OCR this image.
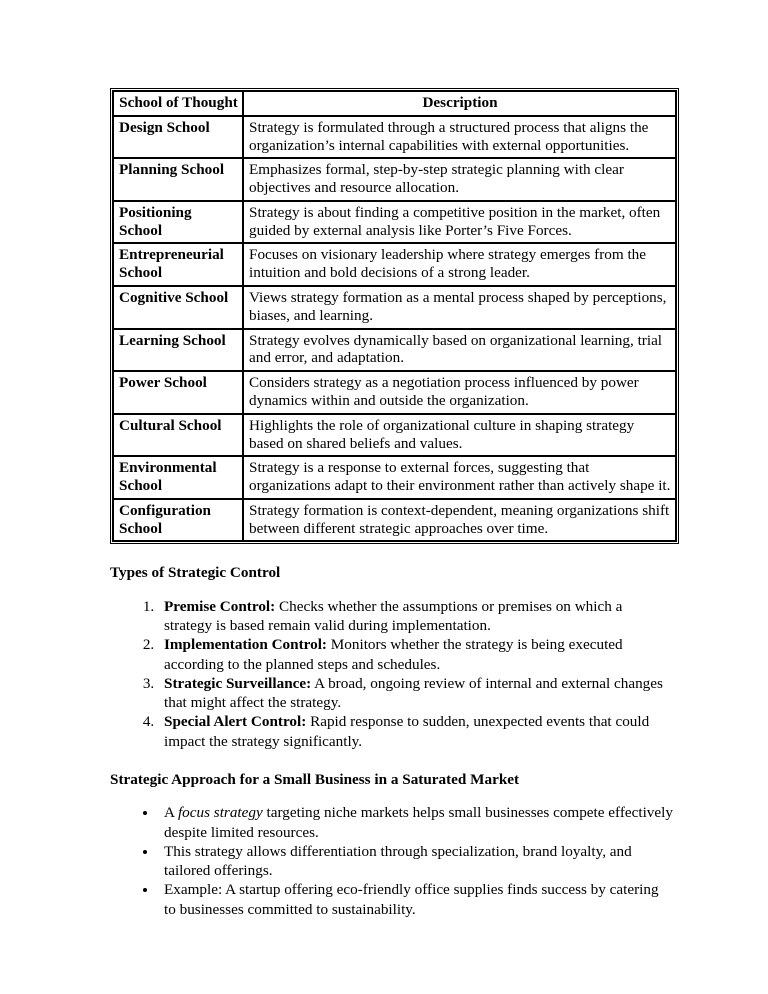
School of Thought	Description
Design School	Strategy is formulated through a structured process that aligns the organization’s internal capabilities with external opportunities.
Planning School	Emphasizes formal, step-by-step strategic planning with clear objectives and resource allocation.
Positioning School	Strategy is about finding a competitive position in the market, often guided by external analysis like Porter’s Five Forces.
Entrepreneurial School	Focuses on visionary leadership where strategy emerges from the intuition and bold decisions of a strong leader.
Cognitive School	Views strategy formation as a mental process shaped by perceptions, biases, and learning.
Learning School	Strategy evolves dynamically based on organizational learning, trial and error, and adaptation.
Power School	Considers strategy as a negotiation process influenced by power dynamics within and outside the organization.
Cultural School	Highlights the role of organizational culture in shaping strategy based on shared beliefs and values.
Environmental School	Strategy is a response to external forces, suggesting that organizations adapt to their environment rather than actively shape it.
Configuration School	Strategy formation is context-dependent, meaning organizations shift between different strategic approaches over time.
Types of Strategic Control
1. Premise Control: Checks whether the assumptions or premises on which a strategy is based remain valid during implementation.
2. Implementation Control: Monitors whether the strategy is being executed according to the planned steps and schedules.
3. Strategic Surveillance: A broad, ongoing review of internal and external changes that might affect the strategy.
4. Special Alert Control: Rapid response to sudden, unexpected events that could impact the strategy significantly.
Strategic Approach for a Small Business in a Saturated Market
• A focus strategy targeting niche markets helps small businesses compete effectively despite limited resources.
• This strategy allows differentiation through specialization, brand loyalty, and tailored offerings.
• Example: A startup offering eco-friendly office supplies finds success by catering to businesses committed to sustainability.
